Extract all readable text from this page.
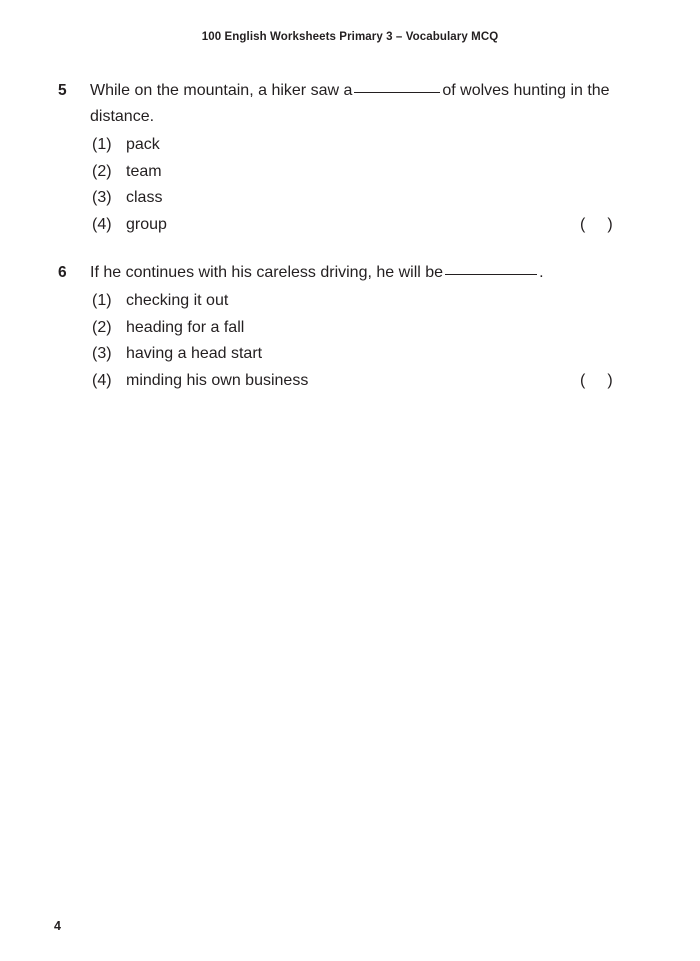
100 English Worksheets Primary 3 – Vocabulary MCQ
5	While on the mountain, a hiker saw a	of wolves hunting in the distance.
(1) pack
(2) team
(3) class
(4) group	( )
6	If he continues with his careless driving, he will be	.
(1) checking it out
(2) heading for a fall
(3) having a head start
(4) minding his own business	( )
4
